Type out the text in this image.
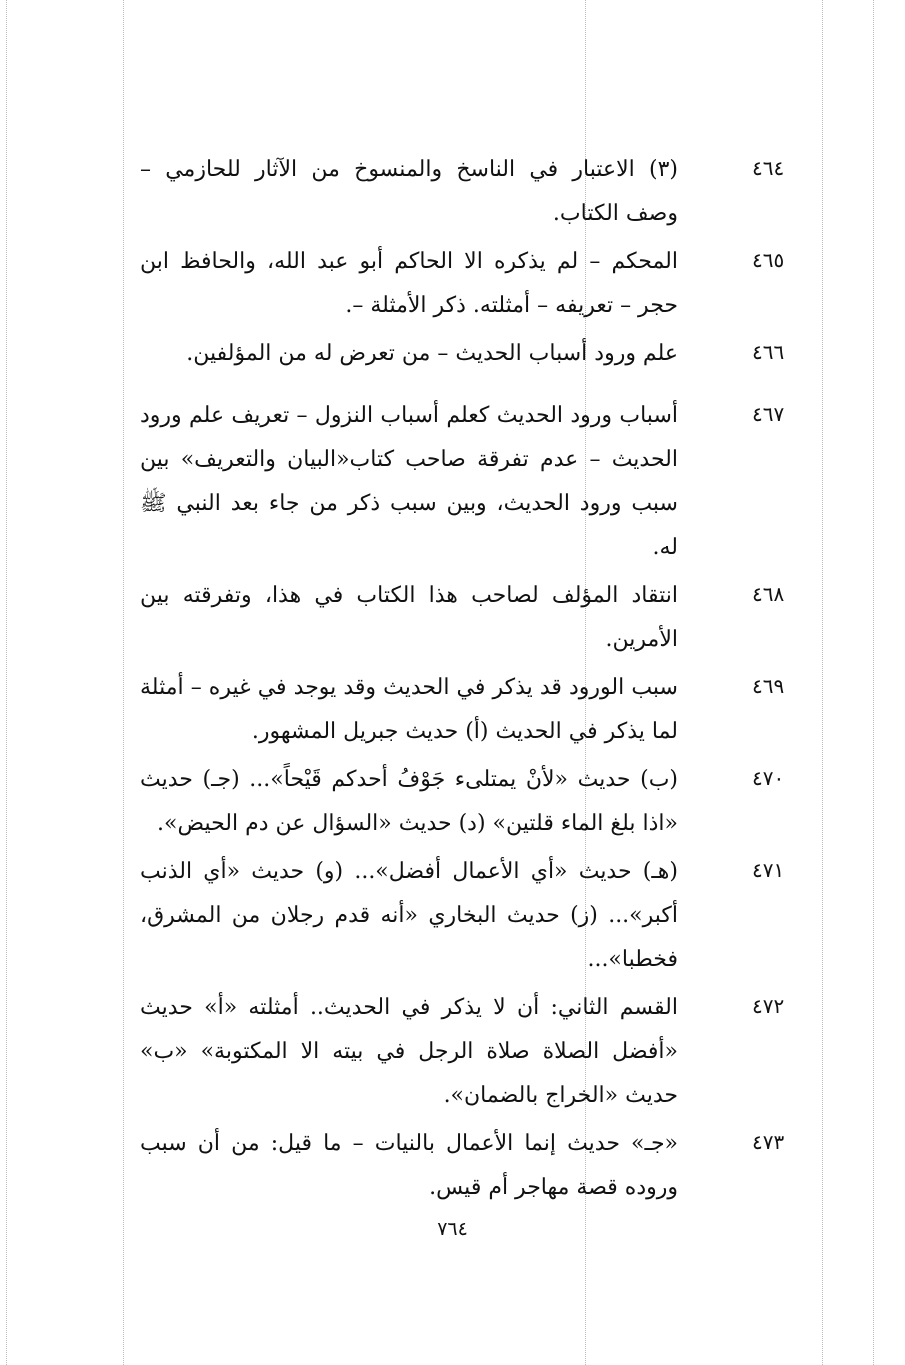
٤٦٤
(٣) الاعتبار في الناسخ والمنسوخ من الآثار للحازمي – وصف الكتاب.
٤٦٥
المحكم – لم يذكره الا الحاكم أبو عبد الله، والحافظ ابن حجر – تعريفه – أمثلته. ذكر الأمثلة –.
٤٦٦
علم ورود أسباب الحديث – من تعرض له من المؤلفين.
٤٦٧
أسباب ورود الحديث كعلم أسباب النزول – تعريف علم ورود الحديث – عدم تفرقة صاحب كتاب«البيان والتعريف» بين سبب ورود الحديث، وبين سبب ذكر من جاء بعد النبي ﷺ له.
٤٦٨
انتقاد المؤلف لصاحب هذا الكتاب في هذا، وتفرقته بين الأمرين.
٤٦٩
سبب الورود قد يذكر في الحديث وقد يوجد في غيره – أمثلة لما يذكر في الحديث (أ) حديث جبريل المشهور.
٤٧٠
(ب) حديث «لأنْ يمتلىء جَوْفُ أحدكم قَيْحاً»... (جـ) حديث «اذا بلغ الماء قلتين» (د) حديث «السؤال عن دم الحيض».
٤٧١
(هـ) حديث «أي الأعمال أفضل»... (و) حديث «أي الذنب أكبر»... (ز) حديث البخاري «أنه قدم رجلان من المشرق، فخطبا»...
٤٧٢
القسم الثاني: أن لا يذكر في الحديث.. أمثلته «أ» حديث «أفضل الصلاة صلاة الرجل في بيته الا المكتوبة» «ب» حديث «الخراج بالضمان».
٤٧٣
«جـ» حديث إنما الأعمال بالنيات – ما قيل: من أن سبب وروده قصة مهاجر أم قيس.
٧٦٤
